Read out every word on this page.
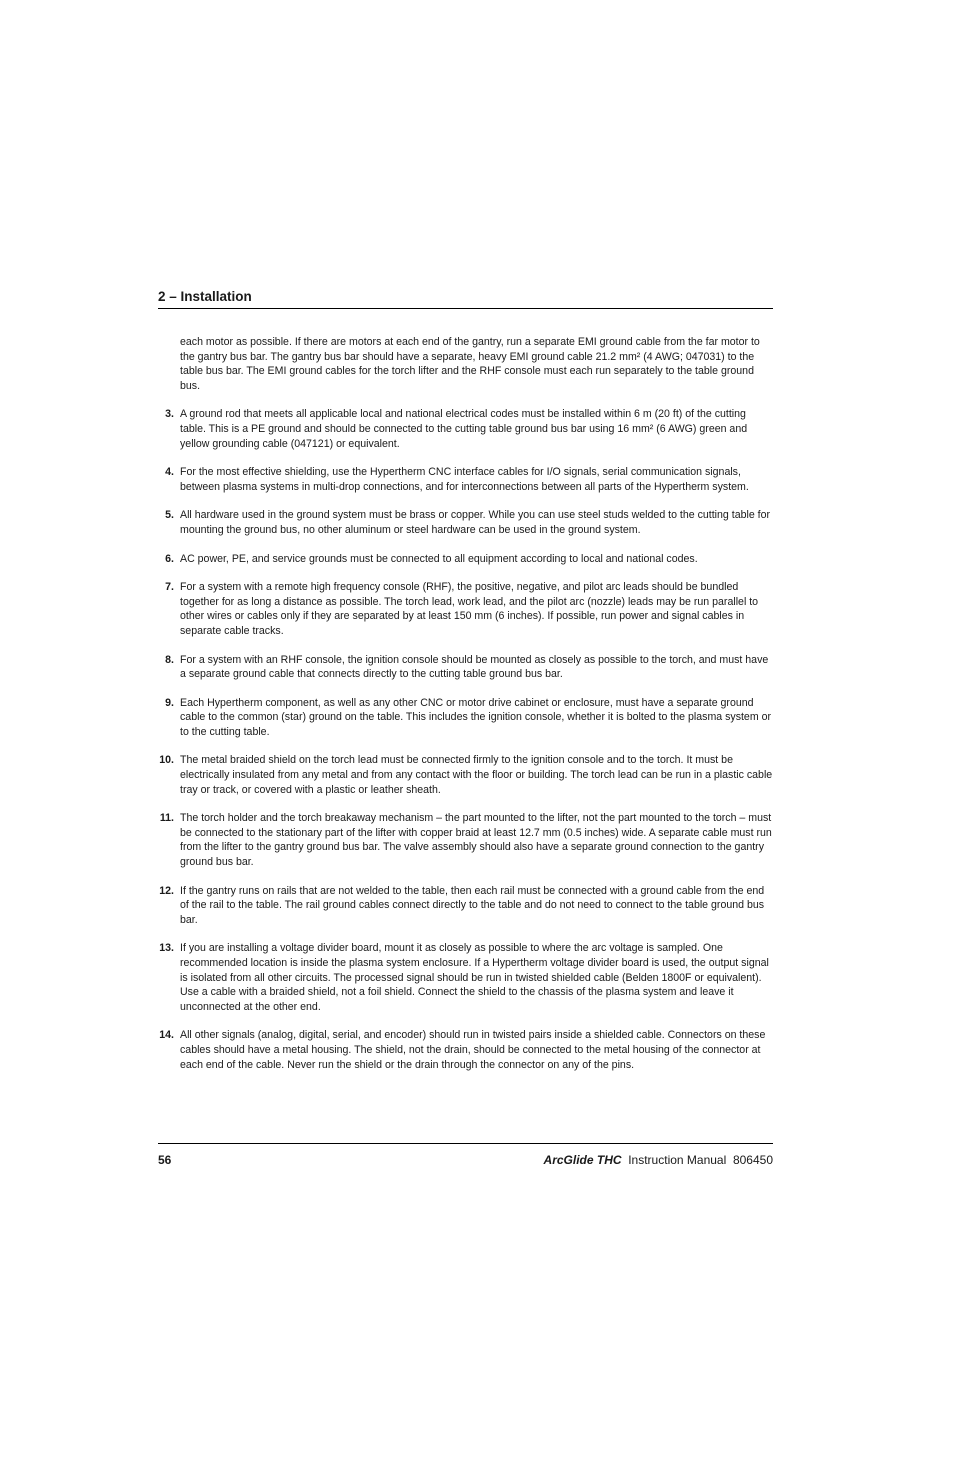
2 – Installation

each motor as possible. If there are motors at each end of the gantry, run a separate EMI ground cable from the far motor to the gantry bus bar. The gantry bus bar should have a separate, heavy EMI ground cable 21.2 mm² (4 AWG; 047031) to the table bus bar. The EMI ground cables for the torch lifter and the RHF console must each run separately to the table ground bus.

3. A ground rod that meets all applicable local and national electrical codes must be installed within 6 m (20 ft) of the cutting table. This is a PE ground and should be connected to the cutting table ground bus bar using 16 mm² (6 AWG) green and yellow grounding cable (047121) or equivalent.
4. For the most effective shielding, use the Hypertherm CNC interface cables for I/O signals, serial communication signals, between plasma systems in multi-drop connections, and for interconnections between all parts of the Hypertherm system.
5. All hardware used in the ground system must be brass or copper. While you can use steel studs welded to the cutting table for mounting the ground bus, no other aluminum or steel hardware can be used in the ground system.
6. AC power, PE, and service grounds must be connected to all equipment according to local and national codes.
7. For a system with a remote high frequency console (RHF), the positive, negative, and pilot arc leads should be bundled together for as long a distance as possible. The torch lead, work lead, and the pilot arc (nozzle) leads may be run parallel to other wires or cables only if they are separated by at least 150 mm (6 inches). If possible, run power and signal cables in separate cable tracks.
8. For a system with an RHF console, the ignition console should be mounted as closely as possible to the torch, and must have a separate ground cable that connects directly to the cutting table ground bus bar.
9. Each Hypertherm component, as well as any other CNC or motor drive cabinet or enclosure, must have a separate ground cable to the common (star) ground on the table. This includes the ignition console, whether it is bolted to the plasma system or to the cutting table.
10. The metal braided shield on the torch lead must be connected firmly to the ignition console and to the torch. It must be electrically insulated from any metal and from any contact with the floor or building. The torch lead can be run in a plastic cable tray or track, or covered with a plastic or leather sheath.
11. The torch holder and the torch breakaway mechanism – the part mounted to the lifter, not the part mounted to the torch – must be connected to the stationary part of the lifter with copper braid at least 12.7 mm (0.5 inches) wide. A separate cable must run from the lifter to the gantry ground bus bar. The valve assembly should also have a separate ground connection to the gantry ground bus bar.
12. If the gantry runs on rails that are not welded to the table, then each rail must be connected with a ground cable from the end of the rail to the table. The rail ground cables connect directly to the table and do not need to connect to the table ground bus bar.
13. If you are installing a voltage divider board, mount it as closely as possible to where the arc voltage is sampled. One recommended location is inside the plasma system enclosure. If a Hypertherm voltage divider board is used, the output signal is isolated from all other circuits. The processed signal should be run in twisted shielded cable (Belden 1800F or equivalent). Use a cable with a braided shield, not a foil shield. Connect the shield to the chassis of the plasma system and leave it unconnected at the other end.
14. All other signals (analog, digital, serial, and encoder) should run in twisted pairs inside a shielded cable. Connectors on these cables should have a metal housing. The shield, not the drain, should be connected to the metal housing of the connector at each end of the cable. Never run the shield or the drain through the connector on any of the pins.
56	ArcGlide THC Instruction Manual 806450
